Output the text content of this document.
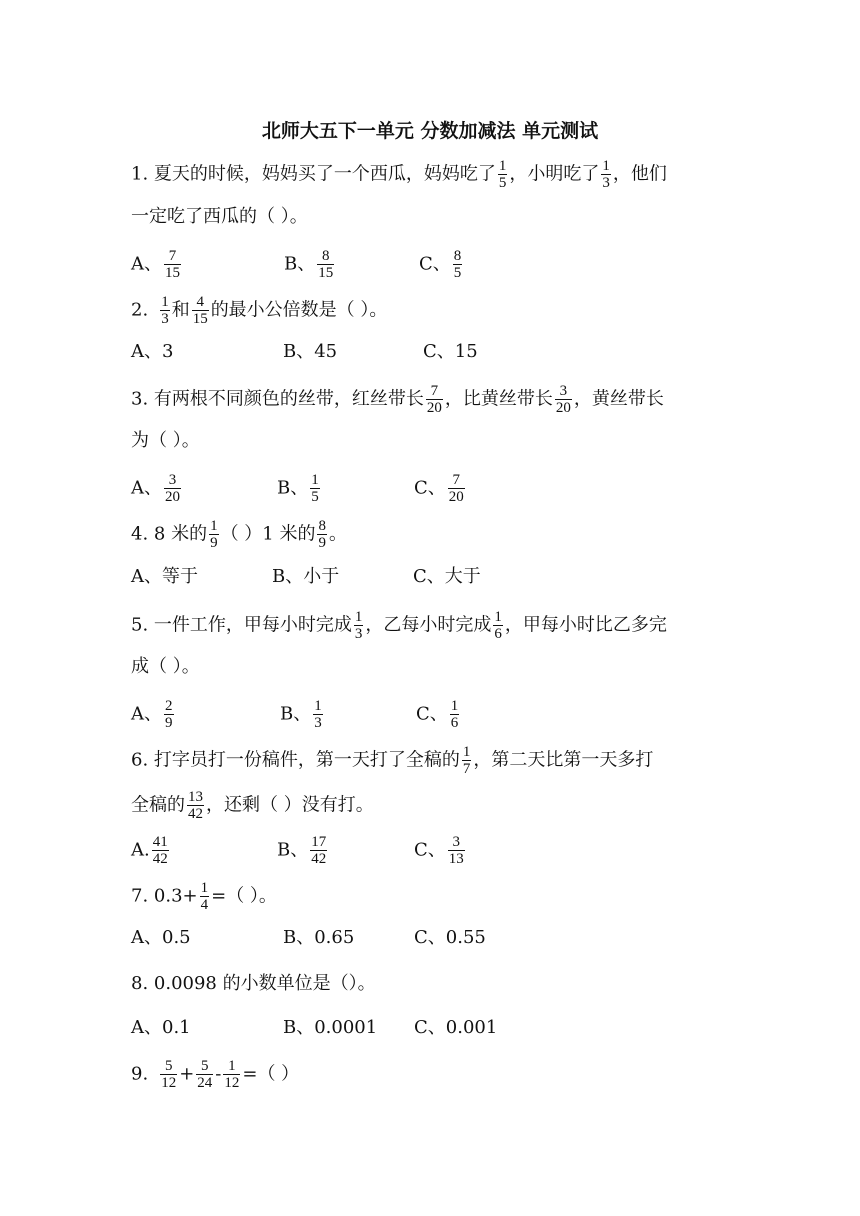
北师大五下一单元 分数加减法 单元测试
1. 夏天的时候，妈妈买了一个西瓜，妈妈吃了 $\frac{1}{5}$ ，小明吃了 $\frac{1}{3}$ ，他们
一定吃了西瓜的（ ）。
A、 $\frac{7}{15}$	B、 $\frac{8}{15}$	C、 $\frac{8}{5}$
2. $\frac{1}{3}$ 和 $\frac{4}{15}$ 的最小公倍数是（ ）。
A、3	B、45	C、15
3. 有两根不同颜色的丝带，红丝带长 $\frac{7}{20}$ ，比黄丝带长 $\frac{3}{20}$ ，黄丝带长
为（ ）。
A、 $\frac{3}{20}$	B、 $\frac{1}{5}$	C、 $\frac{7}{20}$
4. 8 米的 $\frac{1}{9}$ （ ）1 米的 $\frac{8}{9}$ 。
A、等于	B、小于	C、大于
5. 一件工作，甲每小时完成 $\frac{1}{3}$ ，乙每小时完成 $\frac{1}{6}$ ，甲每小时比乙多完
成（ ）。
A、 $\frac{2}{9}$	B、 $\frac{1}{3}$	C、 $\frac{1}{6}$
6. 打字员打一份稿件，第一天打了全稿的 $\frac{1}{7}$ ，第二天比第一天多打
全稿的 $\frac{13}{42}$ ，还剩（ ）没有打。
A. $\frac{41}{42}$	B、 $\frac{17}{42}$	C、 $\frac{3}{13}$
7. $0.3+ \frac{1}{4}$ =（ ）。
A、0.5	B、0.65	C、0.55
8. 0.0098 的小数单位是（）。
A、0.1	B、0.0001 C、0.001
9. $\frac{5}{12} + \frac{5}{24} - \frac{1}{12}$ =（ ）
